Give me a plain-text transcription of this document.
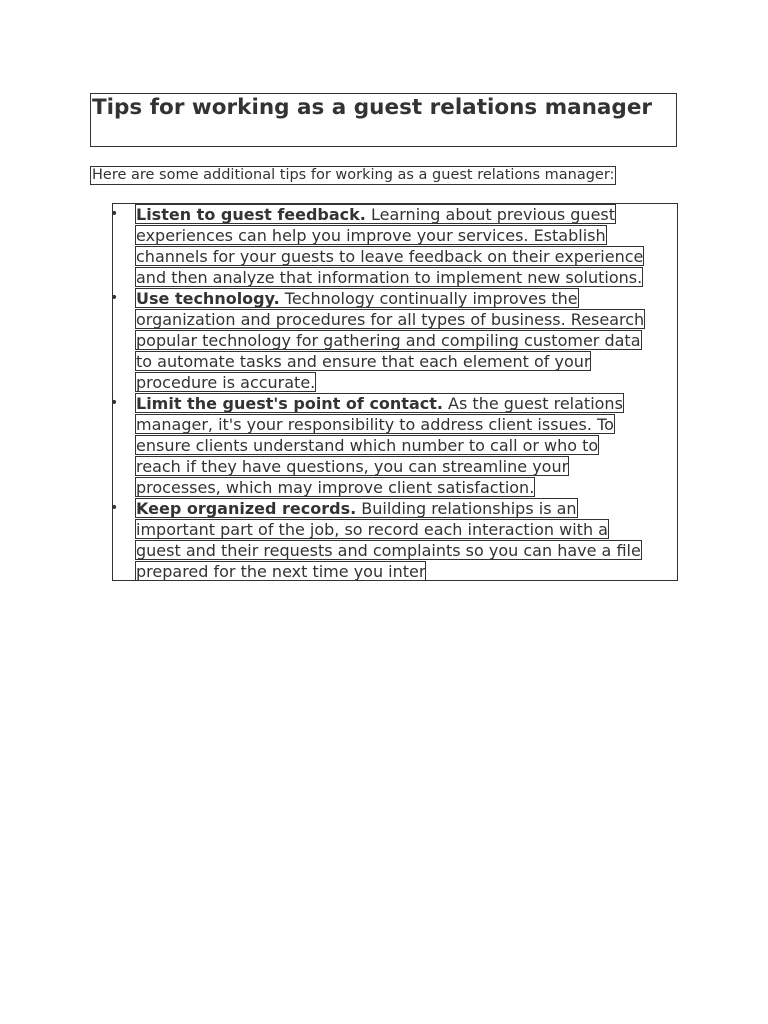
Tips for working as a guest relations manager
Here are some additional tips for working as a guest relations manager:
• Listen to guest feedback. Learning about previous guest
experiences can help you improve your services. Establish
channels for your guests to leave feedback on their experience
and then analyze that information to implement new solutions.
• Use technology. Technology continually improves the
organization and procedures for all types of business. Research
popular technology for gathering and compiling customer data
to automate tasks and ensure that each element of your
procedure is accurate.
• Limit the guest's point of contact. As the guest relations
manager, it's your responsibility to address client issues. To
ensure clients understand which number to call or who to
reach if they have questions, you can streamline your
processes, which may improve client satisfaction.
• Keep organized records. Building relationships is an
important part of the job, so record each interaction with a
guest and their requests and complaints so you can have a file
prepared for the next time you inter
